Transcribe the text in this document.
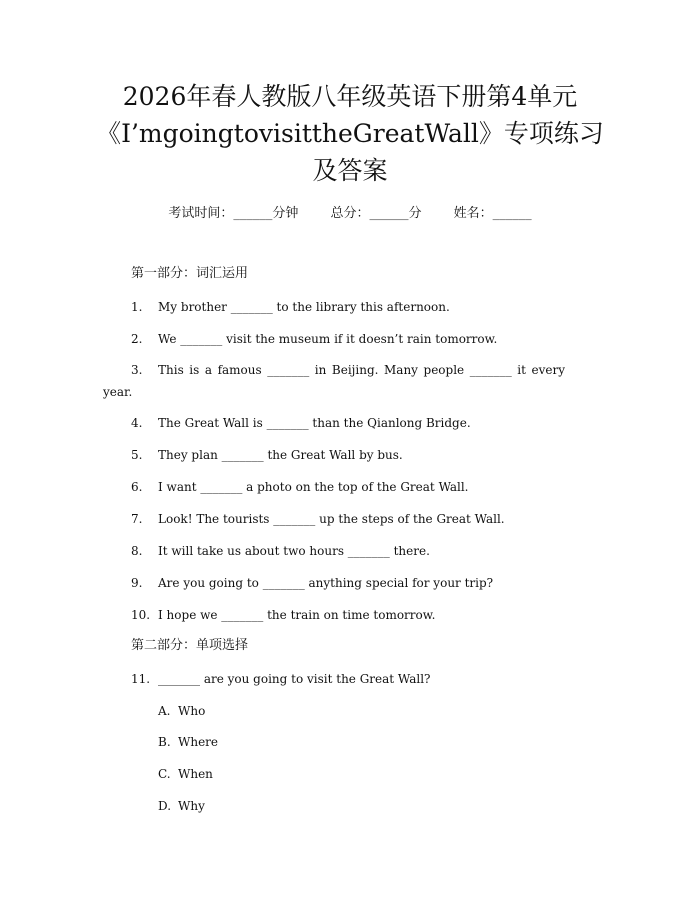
2026年春人教版八年级英语下册第4单元
《I’mgoingtovisittheGreatWall》专项练习
及答案
考试时间：______分钟 总分：______分 姓名：______
第一部分：词汇运用
1. My brother _______ to the library this afternoon.
2. We _______ visit the museum if it doesn’t rain tomorrow.
3. This is a famous _______ in Beijing. Many people _______ it every year.
4. The Great Wall is _______ than the Qianlong Bridge.
5. They plan _______ the Great Wall by bus.
6. I want _______ a photo on the top of the Great Wall.
7. Look! The tourists _______ up the steps of the Great Wall.
8. It will take us about two hours _______ there.
9. Are you going to _______ anything special for your trip?
10. I hope we _______ the train on time tomorrow.
第二部分：单项选择
11. _______ are you going to visit the Great Wall?
A. Who
B. Where
C. When
D. Why
